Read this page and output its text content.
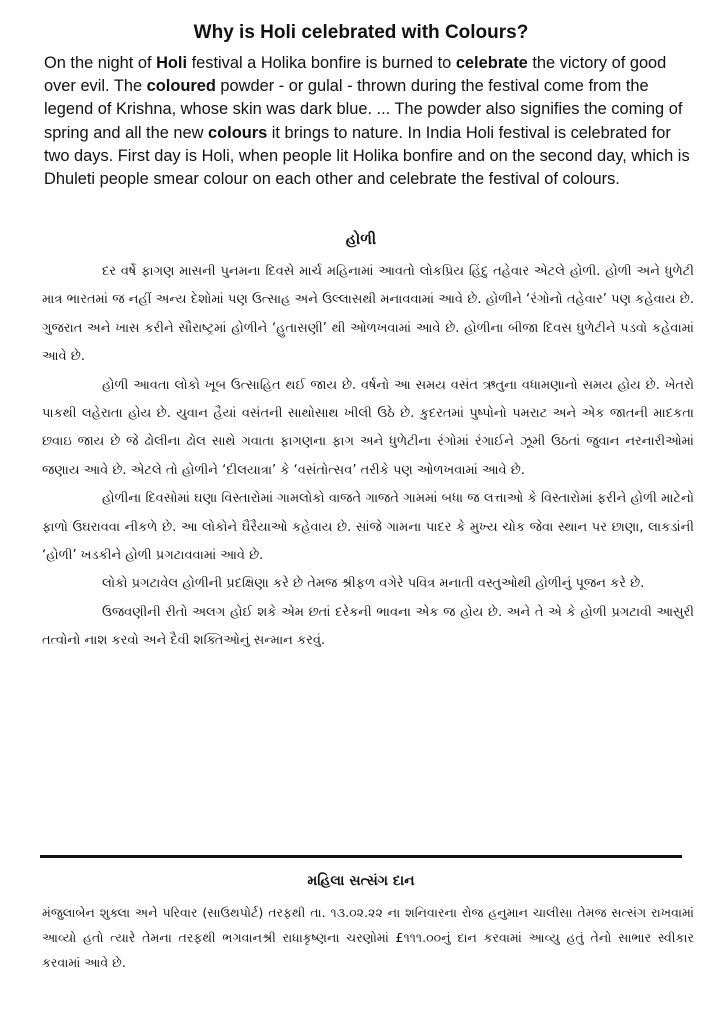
Why is Holi celebrated with Colours?
On the night of Holi festival a Holika bonfire is burned to celebrate the victory of good over evil. The coloured powder - or gulal - thrown during the festival come from the legend of Krishna, whose skin was dark blue. ... The powder also signifies the coming of spring and all the new colours it brings to nature. In India Holi festival is celebrated for two days. First day is Holi, when people lit Holika bonfire and on the second day, which is Dhuleti people smear colour on each other and celebrate the festival of colours.
હોળી

દર વર્ષે ફાગણ માસની પુનમના દિવસે માર્ચ મહિનામાં આવતો લોકપ્રિય હિંદુ તહેવાર એટલે હોળી. હોળી અને ધુળેટી માત્ર ભારતમાં જ નહીં અન્ય દેશોમાં પણ ઉત્સાહ અને ઉલ્લાસથી મનાવવામાં આવે છે. હોળીને ‘રંગોનો તહેવાર’ પણ કહેવાય છે. ગુજરાત અને ખાસ કરીને સૌરાષ્ટ્રમાં હોળીને ‘હુતાસણી’ થી ઓળખવામાં આવે છે. હોળીના બીજા દિવસ ધુળેટીને પડવો કહેવામાં આવે છે.

હોળી આવતા લોકો ખૂબ ઉત્સાહિત થઈ જાય છે. વર્ષનો આ સમય વસંત ઋતુના વધામણાનો સમય હોય છે. ખેતરો પાકથી લહેરાતા હોય છે. યુવાન હૈયાં વસંતની સાથોસાથ ખીલી ઉઠે છે. કુદરતમાં પુષ્પોનો પમરાટ અને એક જાતની માદકતા છવાઇ જાય છે જે ઢોલીના ઢોલ સાથે ગવાતા ફાગણના ફાગ અને ધુળેટીના રંગોમાં રંગાઈને ઝૂમી ઉઠતાં જુવાન નરનારીઓમાં જણાય આવે છે. એટલે તો હોળીને ‘દીલયાત્રા’ કે ‘વસંતોત્સવ’ તરીકે પણ ઓળખવામાં આવે છે.

હોળીના દિવસોમાં ઘણા વિસ્તારોમાં ગામલોકો વાજતે ગાજતે ગામમાં બધા જ લત્તાઓ કે વિસ્તારોમાં ફરીને હોળી માટેનો ફાળો ઉઘરાવવા નીકળે છે. આ લોકોને ઘૈરૈયાઓ કહેવાય છે. સાંજે ગામના પાદર કે મુખ્ય ચોક જેવા સ્થાન પર છાણા, લાકડાંની ‘હોળી’ ખડકીને હોળી પ્રગટાવવામાં આવે છે.

લોકો પ્રગટાવેલ હોળીની પ્રદક્ષિણા કરે છે તેમજ શ્રીફળ વગેરે પવિત્ર મનાતી વસ્તુઓથી હોળીનું પૂજન કરે છે.

ઉજવણીની રીતો અલગ હોઈ શકે એમ છતાં દરેકની ભાવના એક જ હોય છે. અને તે એ કે હોળી પ્રગટાવી આસુરી તત્વોનો નાશ કરવો અને દૈવી શક્તિઓનું સન્માન કરવું.

મહિલા સત્સંગ દાન
મંજુલાબેન શુક્લા અને પરિવાર (સાઉથપોર્ટ) તરફથી તા. ૧૩.૦૨.૨૨ ના શનિવારના રોજ હનુમાન ચાલીસા તેમજ સત્સંગ રાખવામાં આવ્યો હતો ત્યારે તેમના તરફથી ભગવાનશ્રી રાધાકૃષ્ણના ચરણોમાં £૧૧૧.૦૦નું દાન કરવામાં આવ્યુ હતું તેનો સાભાર સ્વીકાર કરવામાં આવે છે.
